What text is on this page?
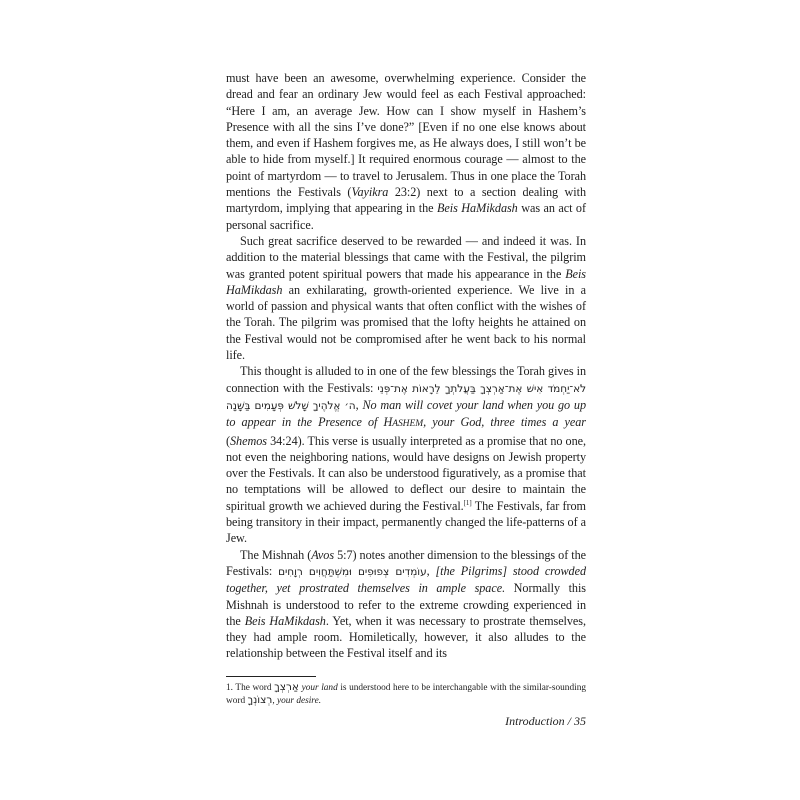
must have been an awesome, overwhelming experience. Consider the dread and fear an ordinary Jew would feel as each Festival approached: “Here I am, an average Jew. How can I show myself in Hashem’s Presence with all the sins I’ve done?” [Even if no one else knows about them, and even if Hashem forgives me, as He always does, I still won’t be able to hide from myself.] It required enormous courage — almost to the point of martyrdom — to travel to Jerusalem. Thus in one place the Torah mentions the Festivals (Vayikra 23:2) next to a section dealing with martyrdom, implying that appearing in the Beis HaMikdash was an act of personal sacrifice.

Such great sacrifice deserved to be rewarded — and indeed it was. In addition to the material blessings that came with the Festival, the pilgrim was granted potent spiritual powers that made his appearance in the Beis HaMikdash an exhilarating, growth-oriented experience. We live in a world of passion and physical wants that often conflict with the wishes of the Torah. The pilgrim was promised that the lofty heights he attained on the Festival would not be compromised after he went back to his normal life.

This thought is alluded to in one of the few blessings the Torah gives in connection with the Festivals: לֹא־יַחְמֹד אִישׁ אֶת־אַרְצְךָ בַּעֲלֹתְךָ לֵרָאוֹת אֶת־פְּנֵי ה׳ אֱלֹהֶיךָ שָׁלֹשׁ פְּעָמִים בַּשָּׁנָה, No man will covet your land when you go up to appear in the Presence of HASHEM, your God, three times a year (Shemos 34:24). This verse is usually interpreted as a promise that no one, not even the neighboring nations, would have designs on Jewish property over the Festivals. It can also be understood figuratively, as a promise that no temptations will be allowed to deflect our desire to maintain the spiritual growth we achieved during the Festival.[1] The Festivals, far from being transitory in their impact, permanently changed the life-patterns of a Jew.

The Mishnah (Avos 5:7) notes another dimension to the blessings of the Festivals: עוֹמְדִים צְפוּפִים וּמִשְׁתַּחֲוִים רְוָחִים, [the Pilgrims] stood crowded together, yet prostrated themselves in ample space. Normally this Mishnah is understood to refer to the extreme crowding experienced in the Beis HaMikdash. Yet, when it was necessary to prostrate themselves, they had ample room. Homiletically, however, it also alludes to the relationship between the Festival itself and its

1. The word אַרְצְךָ your land is understood here to be interchangable with the similar-sounding word רְצוֹנְךָ, your desire.

Introduction / 35
